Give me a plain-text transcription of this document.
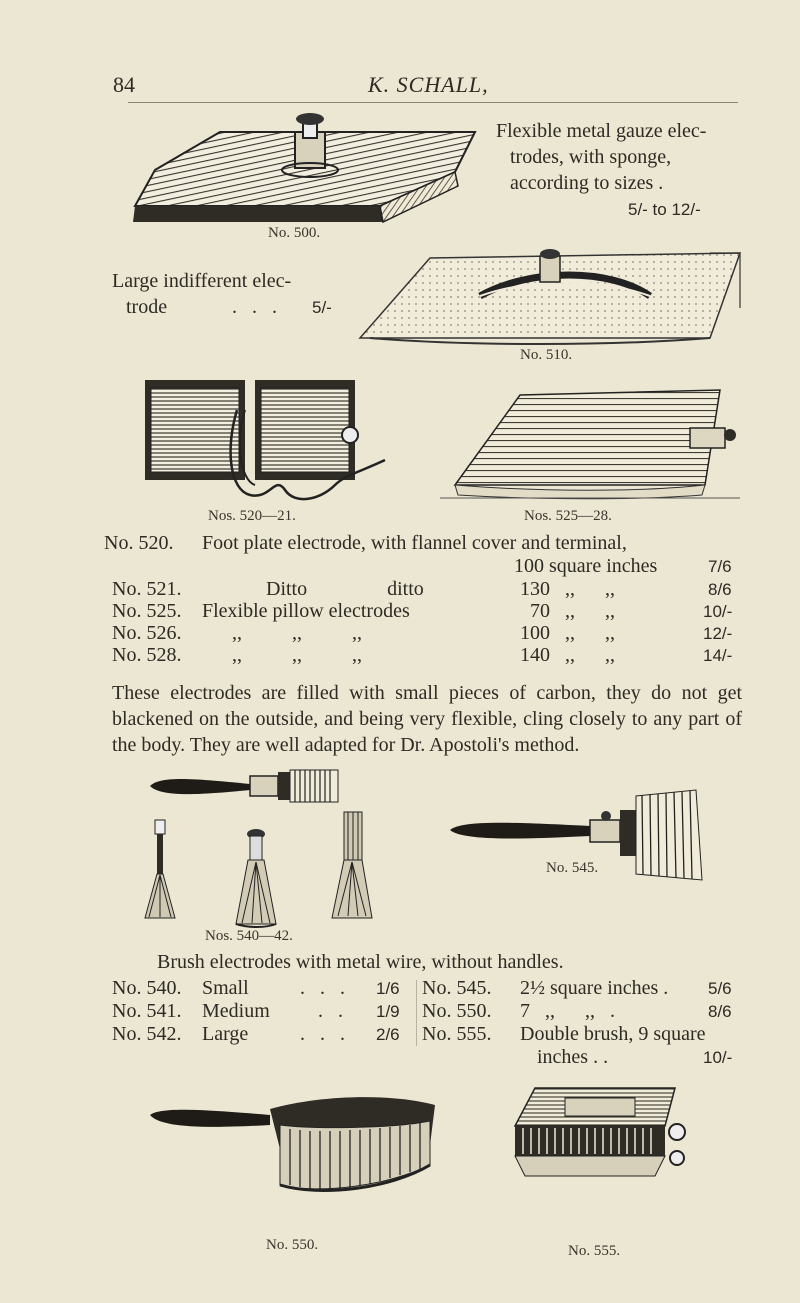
84	K. SCHALL,
Flexible metal gauze elec-
trodes, with sponge,
according to sizes .
5/- to 12/-
No. 500.
Large indifferent elec-
trode	.   .   . 5/-
No. 510.
Nos. 520—21.	Nos. 525—28.
No. 520. Foot plate electrode, with flannel cover and terminal,
100 square inches	7/6
No. 521.	Ditto                ditto	130   ,,      ,,	8/6
No. 525. Flexible pillow electrodes	70   ,,      ,,	10/-
No. 526.	,,          ,,          ,,	100   ,,      ,,	12/-
No. 528.	,,          ,,          ,,	140   ,,      ,,	14/-
These electrodes are filled with small pieces of carbon, they do not get blackened on the outside, and being very flexible, cling closely to any part of the body. They are well adapted for Dr. Apostoli's method.
No. 545.
Nos. 540—42.
Brush electrodes with metal wire, without handles.
No. 540. Small	.   .   . 1/6
No. 541. Medium .   . 1/9
No. 542. Large	.   .   . 2/6
No. 545. 2½ square inches . 5/6
No. 550. 7   ,,      ,,   .	8/6
No. 555. Double brush, 9 square
inches . .	10/-
No. 550.	No. 555.
